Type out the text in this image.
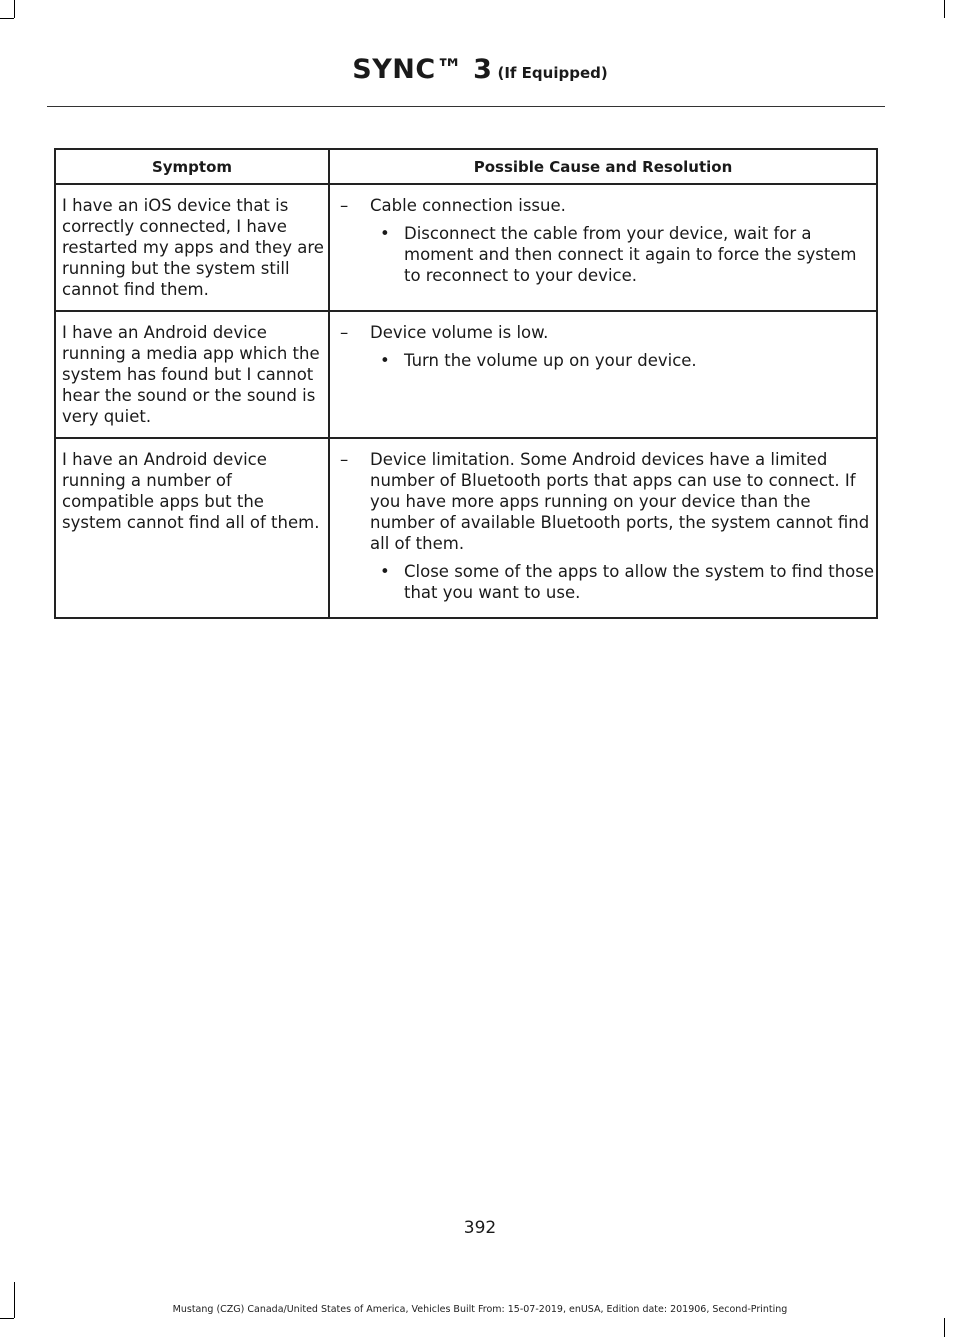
SYNC™ 3 (If Equipped)
Symptom	Possible Cause and Resolution
I have an iOS device that is correctly connected, I have restarted my apps and they are running but the system still cannot find them.	– Cable connection issue.
• Disconnect the cable from your device, wait for a moment and then connect it again to force the system to reconnect to your device.

I have an Android device running a media app which the system has found but I cannot hear the sound or the sound is very quiet.	– Device volume is low.
• Turn the volume up on your device.

I have an Android device running a number of compatible apps but the system cannot find all of them.	– Device limitation. Some Android devices have a limited number of Bluetooth ports that apps can use to connect. If you have more apps running on your device than the number of available Bluetooth ports, the system cannot find all of them.
• Close some of the apps to allow the system to find those that you want to use.
392
Mustang (CZG) Canada/United States of America, Vehicles Built From: 15-07-2019, enUSA, Edition date: 201906, Second-Printing
